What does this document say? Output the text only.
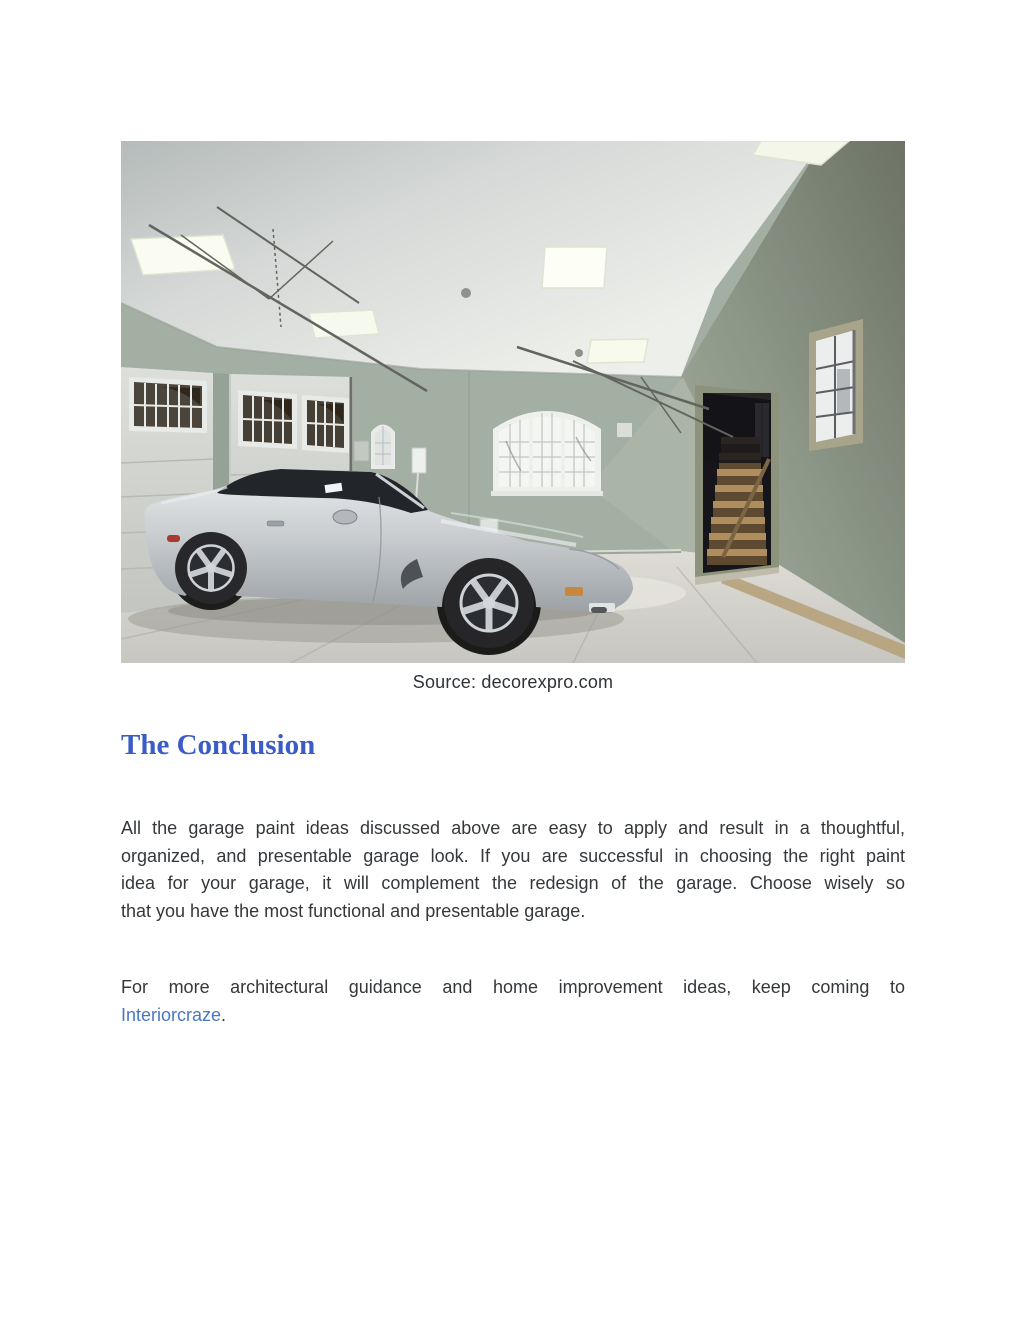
Source: decorexpro.com
The Conclusion
All the garage paint ideas discussed above are easy to apply and result in a thoughtful,
organized, and presentable garage look. If you are successful in choosing the right paint
idea for your garage, it will complement the redesign of the garage. Choose wisely so
that you have the most functional and presentable garage.
For more architectural guidance and home improvement ideas, keep coming to
Interiorcraze.
